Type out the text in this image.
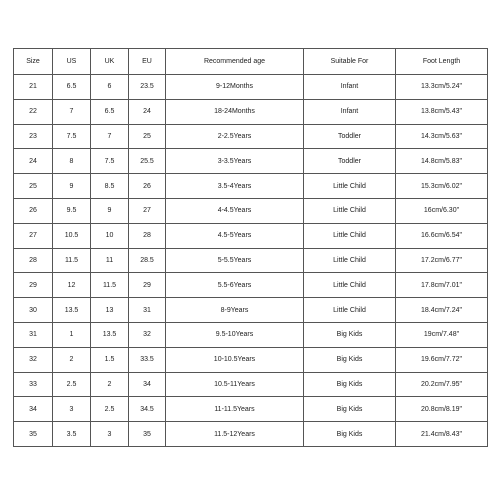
Size	US	UK	EU	Recommended age	Suitable For	Foot Length
21	6.5	6	23.5	9-12Months	Infant	13.3cm/5.24"
22	7	6.5	24	18-24Months	Infant	13.8cm/5.43"
23	7.5	7	25	2-2.5Years	Toddler	14.3cm/5.63"
24	8	7.5	25.5	3-3.5Years	Toddler	14.8cm/5.83"
25	9	8.5	26	3.5-4Years	Little Child	15.3cm/6.02"
26	9.5	9	27	4-4.5Years	Little Child	16cm/6.30"
27	10.5	10	28	4.5-5Years	Little Child	16.6cm/6.54"
28	11.5	11	28.5	5-5.5Years	Little Child	17.2cm/6.77"
29	12	11.5	29	5.5-6Years	Little Child	17.8cm/7.01"
30	13.5	13	31	8-9Years	Little Child	18.4cm/7.24"
31	1	13.5	32	9.5-10Years	Big Kids	19cm/7.48"
32	2	1.5	33.5	10-10.5Years	Big Kids	19.6cm/7.72"
33	2.5	2	34	10.5-11Years	Big Kids	20.2cm/7.95"
34	3	2.5	34.5	11-11.5Years	Big Kids	20.8cm/8.19"
35	3.5	3	35	11.5-12Years	Big Kids	21.4cm/8.43"
